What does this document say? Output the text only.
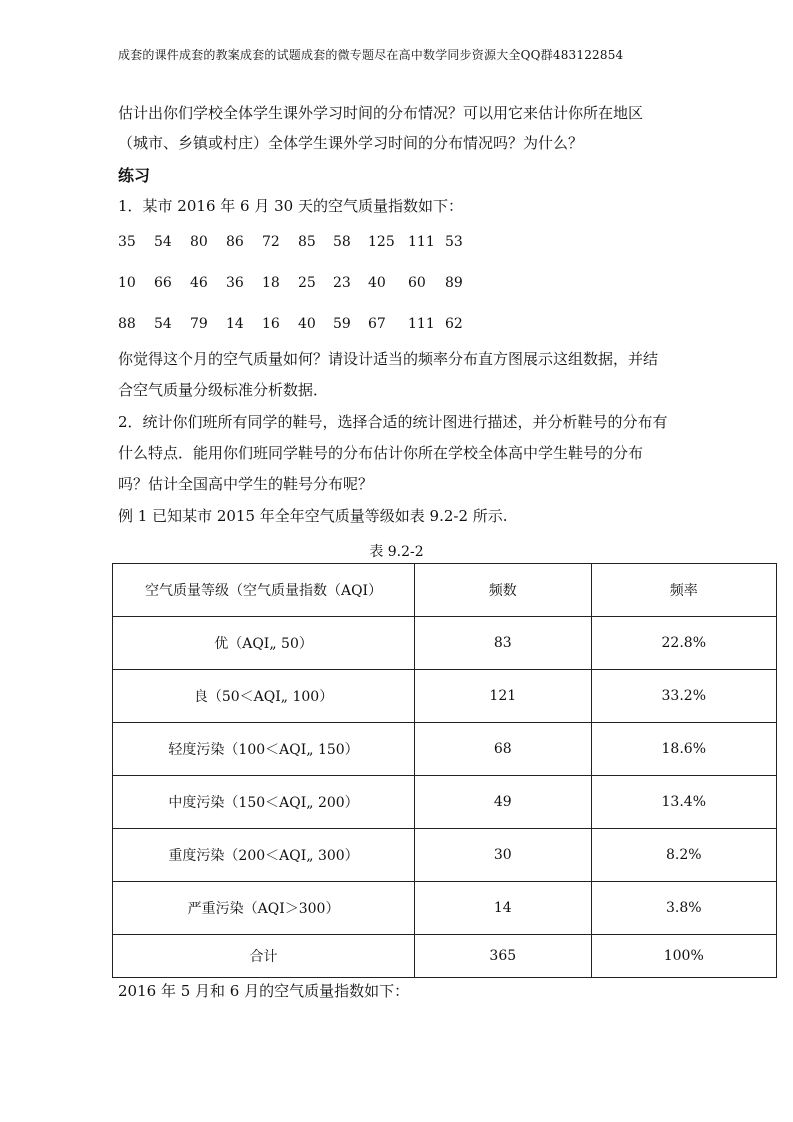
成套的课件成套的教案成套的试题成套的微专题尽在高中数学同步资源大全QQ群483122854
估计出你们学校全体学生课外学习时间的分布情况？可以用它来估计你所在地区
（城市、乡镇或村庄）全体学生课外学习时间的分布情况吗？为什么？
练习
1．某市 2016 年 6 月 30 天的空气质量指数如下：
35 54 80 86 72 85 58 125 111 53
10 66 46 36 18 25 23 40 60 89
88 54 79 14 16 40 59 67 111 62
你觉得这个月的空气质量如何？请设计适当的频率分布直方图展示这组数据，并结
合空气质量分级标准分析数据．
2．统计你们班所有同学的鞋号，选择合适的统计图进行描述，并分析鞋号的分布有
什么特点．能用你们班同学鞋号的分布估计你所在学校全体高中学生鞋号的分布
吗？估计全国高中学生的鞋号分布呢？
例 1 已知某市 2015 年全年空气质量等级如表 9.2-2 所示.
表 9.2-2
空气质量等级（空气质量指数（AQI）	频数	频率
优（AQI„ 50）	83	22.8%
良（50＜AQI„ 100）	121	33.2%
轻度污染（100＜AQI„ 150）	68	18.6%
中度污染（150＜AQI„ 200）	49	13.4%
重度污染（200＜AQI„ 300）	30	8.2%
严重污染（AQI＞300）	14	3.8%
合计	365	100%
2016 年 5 月和 6 月的空气质量指数如下：
